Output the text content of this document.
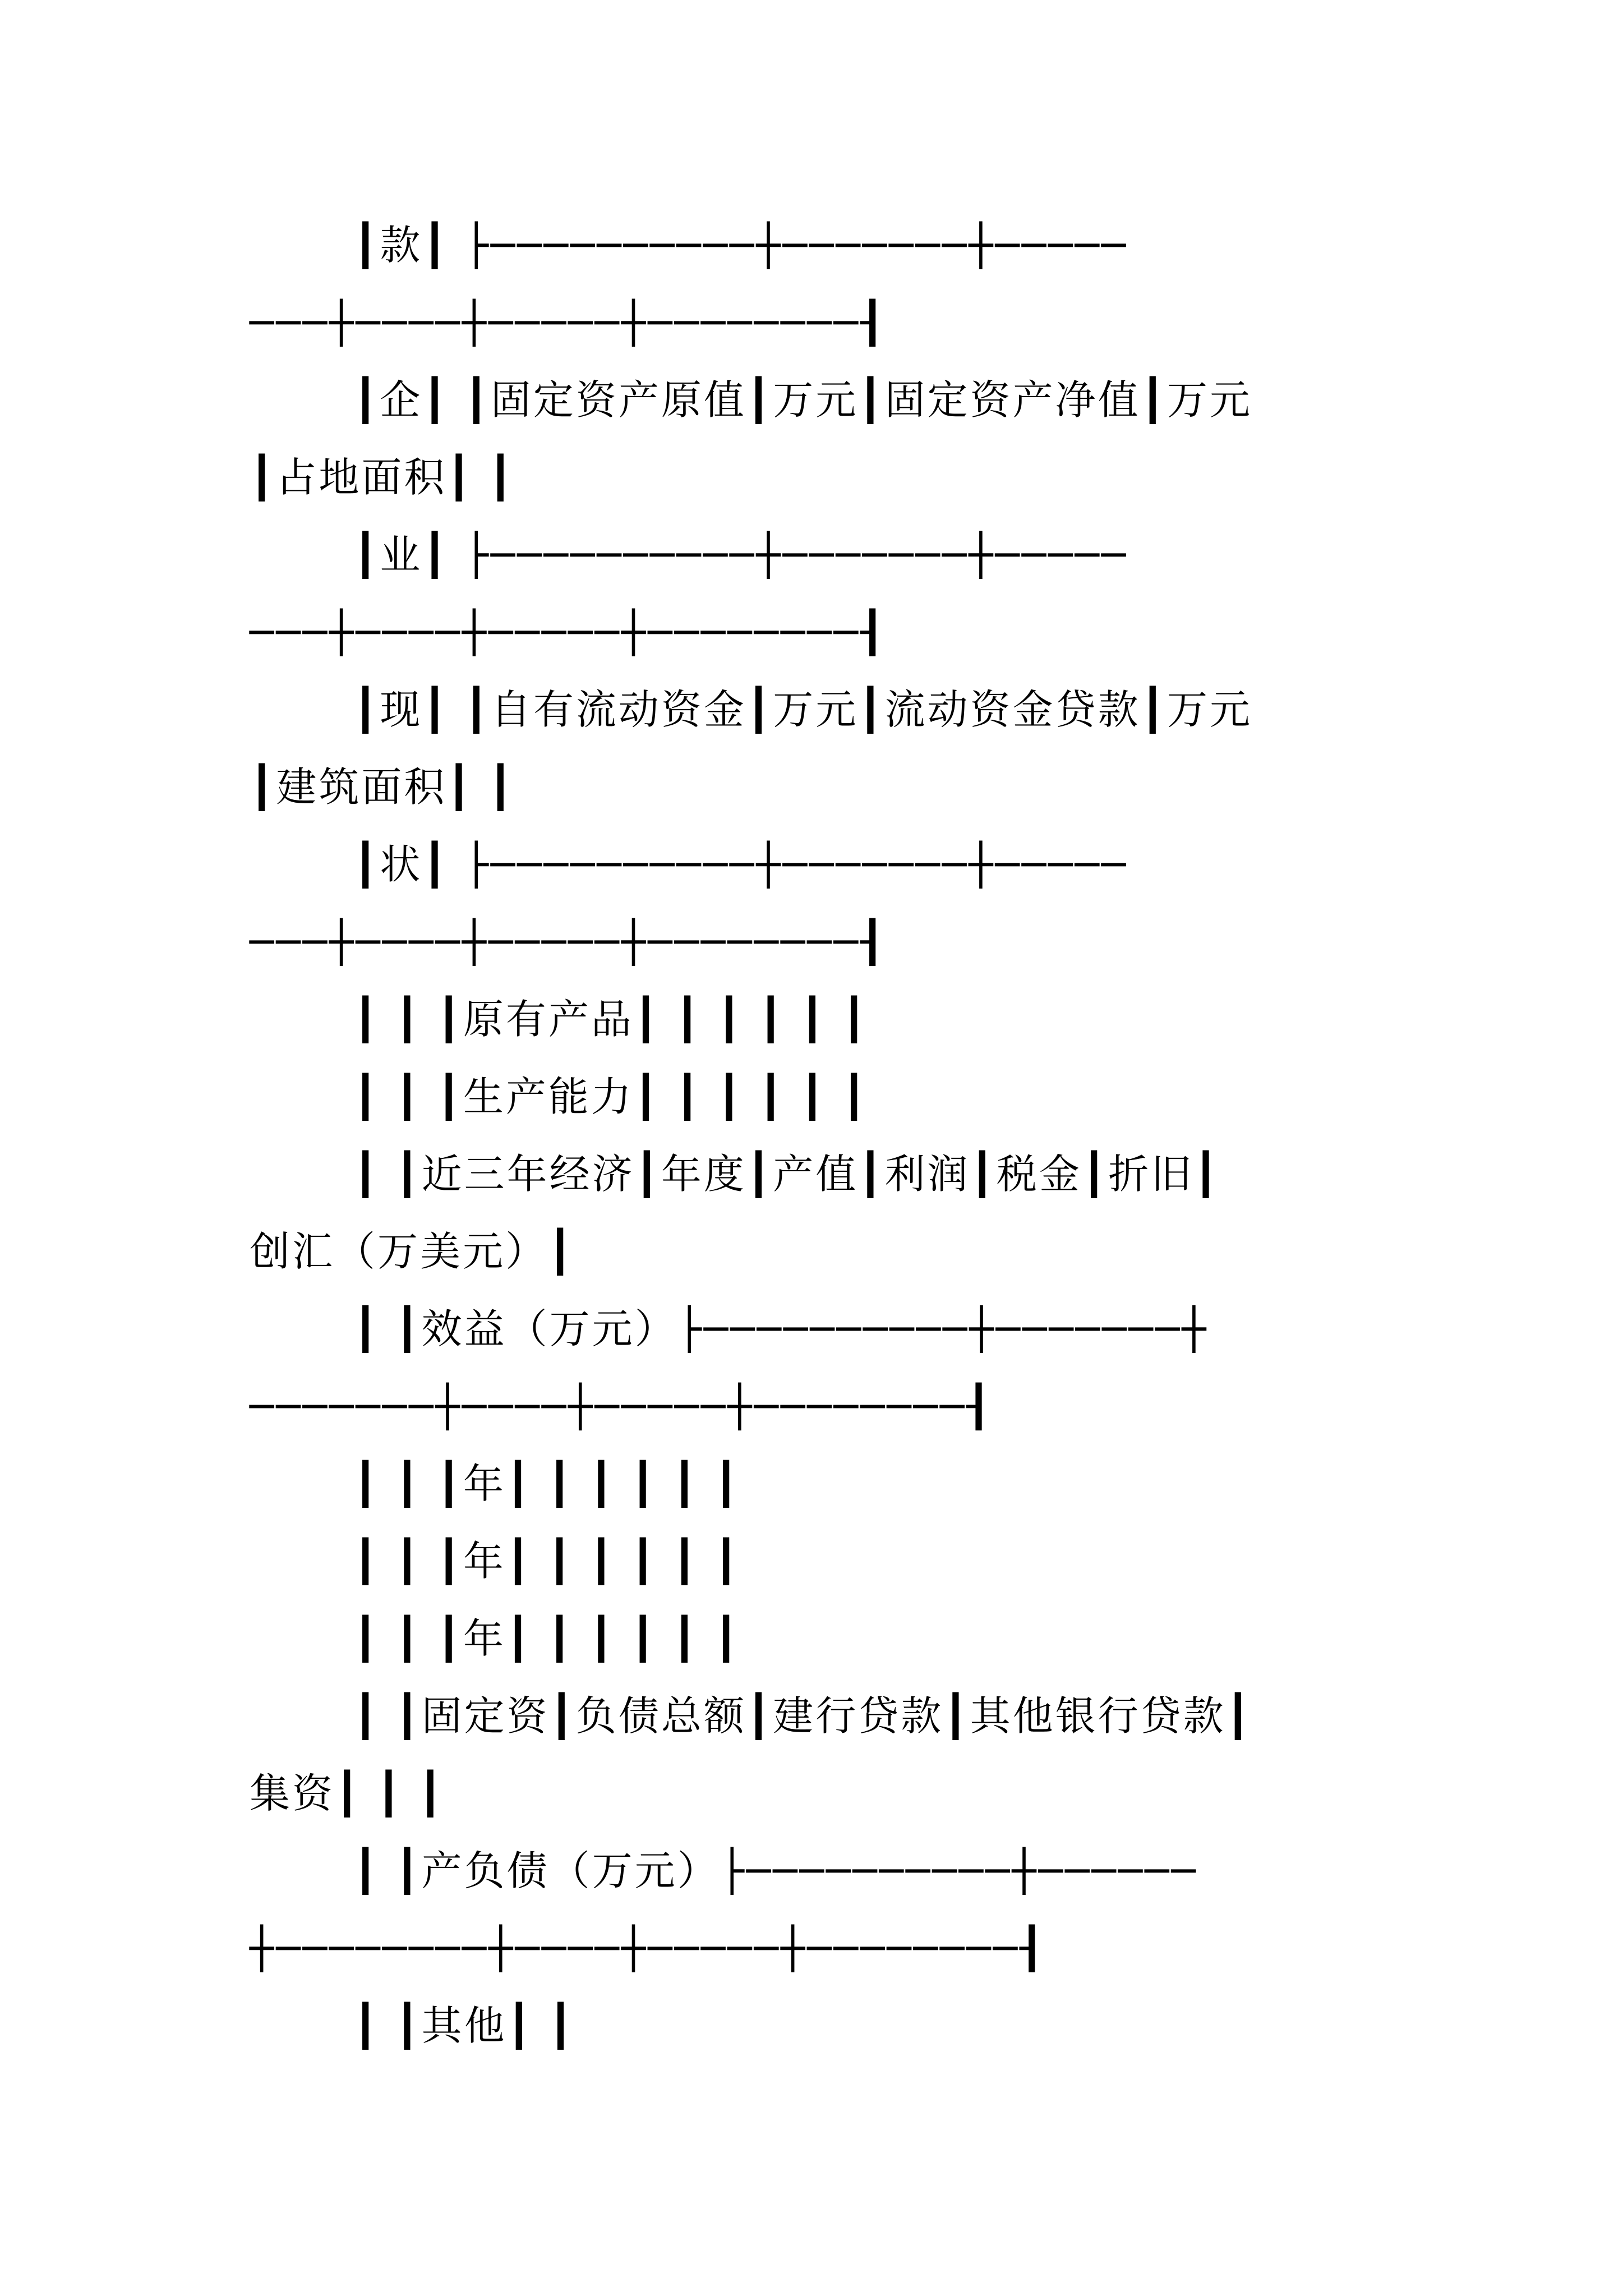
┃款┃ ├──────────┼───────┼─────
───┼────┼─────┼────────┨
┃企┃ ┃固定资产原值┃万元┃固定资产净值┃万元
┃占地面积┃ ┃
┃业┃ ├──────────┼───────┼─────
───┼────┼─────┼────────┨
┃现┃ ┃自有流动资金┃万元┃流动资金贷款┃万元
┃建筑面积┃ ┃
┃状┃ ├──────────┼───────┼─────
───┼────┼─────┼────────┨
┃ ┃ ┃原有产品┃ ┃ ┃ ┃ ┃ ┃
┃ ┃ ┃生产能力┃ ┃ ┃ ┃ ┃ ┃
┃ ┃近三年经济┃年度┃产值┃利润┃税金┃折旧┃
创汇（万美元）┃
┃ ┃效益（万元）├──────────┼───────┼
───────┼────┼─────┼────────┨
┃ ┃ ┃年┃ ┃ ┃ ┃ ┃ ┃
┃ ┃ ┃年┃ ┃ ┃ ┃ ┃ ┃
┃ ┃ ┃年┃ ┃ ┃ ┃ ┃ ┃
┃ ┃固定资┃负债总额┃建行贷款┃其他银行贷款┃
集资┃ ┃ ┃
┃ ┃产负债（万元）├──────────┼──────
┼────────┼────┼─────┼────────┨
┃ ┃其他┃ ┃
